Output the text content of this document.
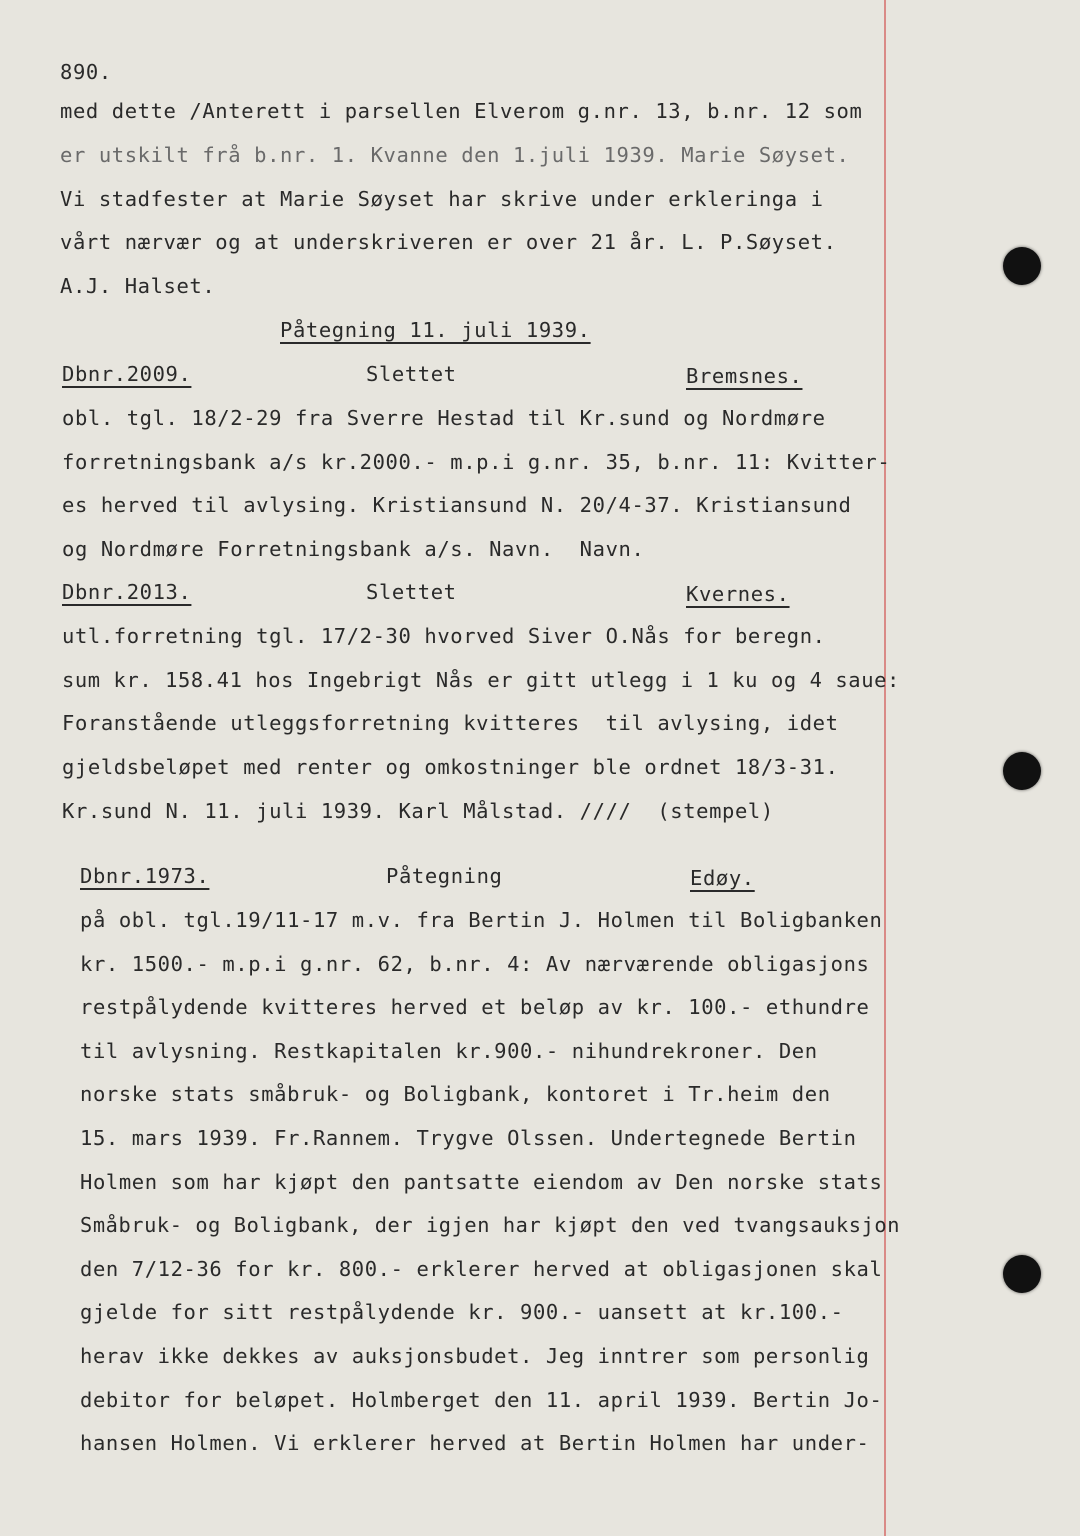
890.
med dette /Anterett i parsellen Elverom g.nr. 13, b.nr. 12 som
er utskilt frå b.nr. 1. Kvanne den 1.juli 1939. Marie Søyset.
Vi stadfester at Marie Søyset har skrive under erkleringa i
vårt nærvær og at underskriveren er over 21 år. L. P.Søyset.
A.J. Halset.
Påtegning 11. juli 1939.
Dbnr.2009.	Slettet	Bremsnes.
obl. tgl. 18/2-29 fra Sverre Hestad til Kr.sund og Nordmøre
forretningsbank a/s kr.2000.- m.p.i g.nr. 35, b.nr. 11: Kvitter-
es herved til avlysing. Kristiansund N. 20/4-37. Kristiansund
og Nordmøre Forretningsbank a/s. Navn.  Navn.
Dbnr.2013.	Slettet	Kvernes.
utl.forretning tgl. 17/2-30 hvorved Siver O.Nås for beregn.
sum kr. 158.41 hos Ingebrigt Nås er gitt utlegg i 1 ku og 4 saue:
Foranstående utleggsforretning kvitteres  til avlysing, idet
gjeldsbeløpet med renter og omkostninger ble ordnet 18/3-31.
Kr.sund N. 11. juli 1939. Karl Målstad. ////  (stempel)
Dbnr.1973.	Påtegning	Edøy.
på obl. tgl.19/11-17 m.v. fra Bertin J. Holmen til Boligbanken
kr. 1500.- m.p.i g.nr. 62, b.nr. 4: Av nærværende obligasjons
restpålydende kvitteres herved et beløp av kr. 100.- ethundre
til avlysning. Restkapitalen kr.900.- nihundrekroner. Den
norske stats småbruk- og Boligbank, kontoret i Tr.heim den
15. mars 1939. Fr.Rannem. Trygve Olssen. Undertegnede Bertin
Holmen som har kjøpt den pantsatte eiendom av Den norske stats
Småbruk- og Boligbank, der igjen har kjøpt den ved tvangsauksjon
den 7/12-36 for kr. 800.- erklerer herved at obligasjonen skal
gjelde for sitt restpålydende kr. 900.- uansett at kr.100.-
herav ikke dekkes av auksjonsbudet. Jeg inntrer som personlig
debitor for beløpet. Holmberget den 11. april 1939. Bertin Jo-
hansen Holmen. Vi erklerer herved at Bertin Holmen har under-
